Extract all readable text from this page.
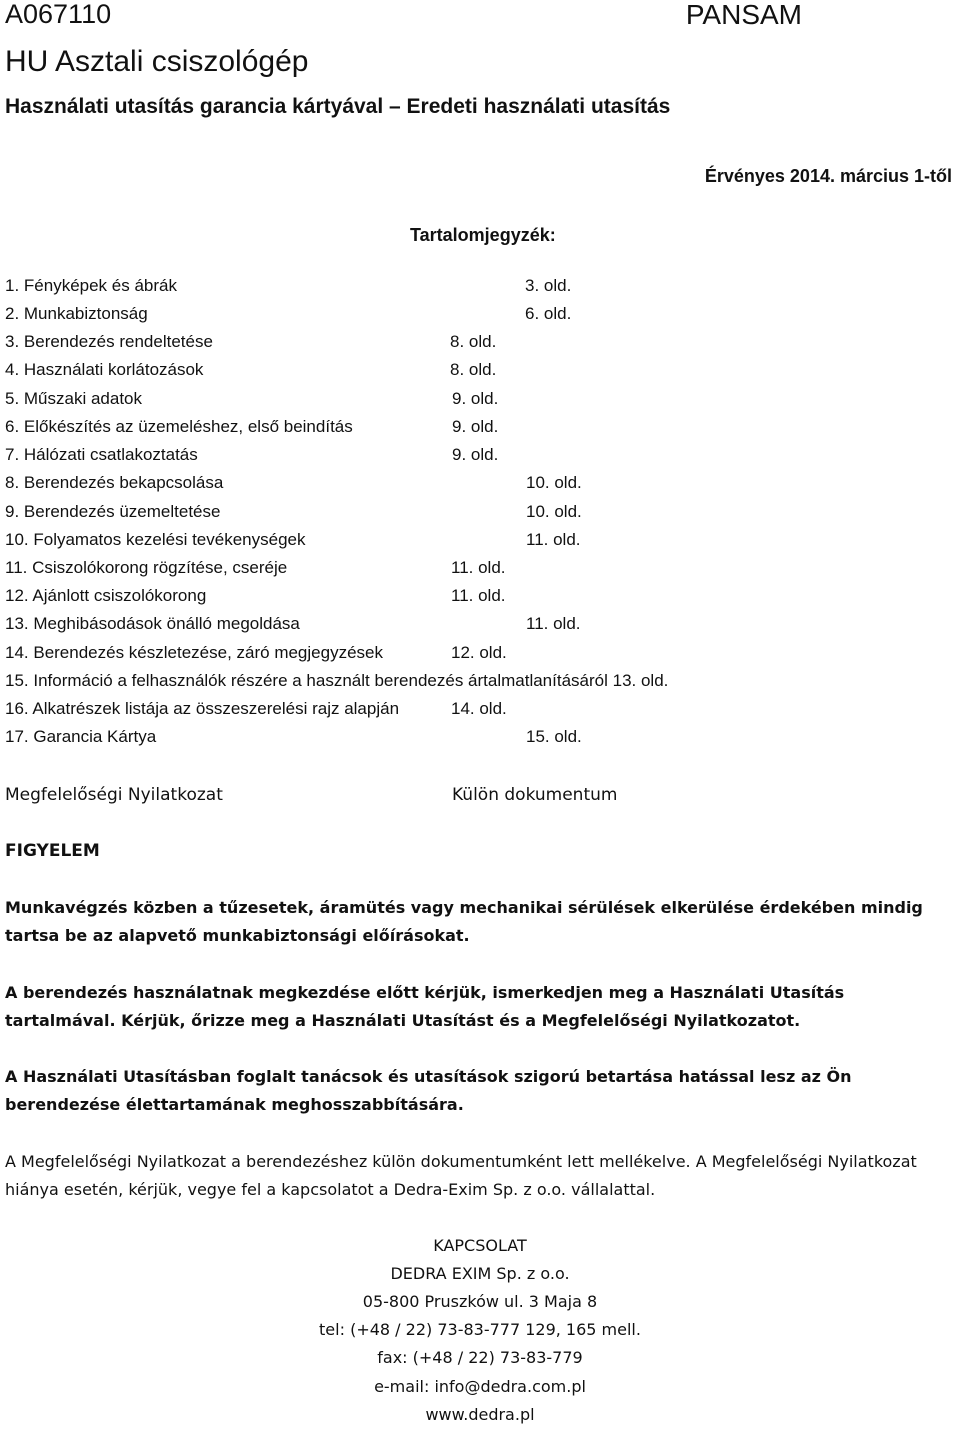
A067110	PANSAM
HU Asztali csiszológép
Használati utasítás garancia kártyával – Eredeti használati utasítás
Érvényes 2014. március 1-től
Tartalomjegyzék:
1. Fényképek és ábrák	3. old.
2. Munkabiztonság	6. old.
3. Berendezés rendeltetése	8. old.
4. Használati korlátozások	8. old.
5. Műszaki adatok	9. old.
6. Előkészítés az üzemeléshez, első beindítás	9. old.
7. Hálózati csatlakoztatás	9. old.
8. Berendezés bekapcsolása	10. old.
9. Berendezés üzemeltetése	10. old.
10. Folyamatos kezelési tevékenységek	11. old.
11. Csiszolókorong rögzítése, cseréje	11. old.
12. Ajánlott csiszolókorong	11. old.
13. Meghibásodások önálló megoldása	11. old.
14. Berendezés készletezése, záró megjegyzések	12. old.
15. Információ a felhasználók részére a használt berendezés ártalmatlanításáról 13. old.
16. Alkatrészek listája az összeszerelési rajz alapján	14. old.
17. Garancia Kártya	15. old.
Megfelelőségi Nyilatkozat	Külön dokumentum
FIGYELEM
Munkavégzés közben a tűzesetek, áramütés vagy mechanikai sérülések elkerülése érdekében mindig tartsa be az alapvető munkabiztonsági előírásokat.
A berendezés használatnak megkezdése előtt kérjük, ismerkedjen meg a Használati Utasítás tartalmával. Kérjük, őrizze meg a Használati Utasítást és a Megfelelőségi Nyilatkozatot.
A Használati Utasításban foglalt tanácsok és utasítások szigorú betartása hatással lesz az Ön berendezése élettartamának meghosszabbítására.
A Megfelelőségi Nyilatkozat a berendezéshez külön dokumentumként lett mellékelve. A Megfelelőségi Nyilatkozat hiánya esetén, kérjük, vegye fel a kapcsolatot a Dedra-Exim Sp. z o.o. vállalattal.
KAPCSOLAT
DEDRA EXIM Sp. z o.o.
05-800 Pruszków ul. 3 Maja 8
tel: (+48 / 22) 73-83-777 129, 165 mell.
fax: (+48 / 22) 73-83-779
e-mail: info@dedra.com.pl
www.dedra.pl
